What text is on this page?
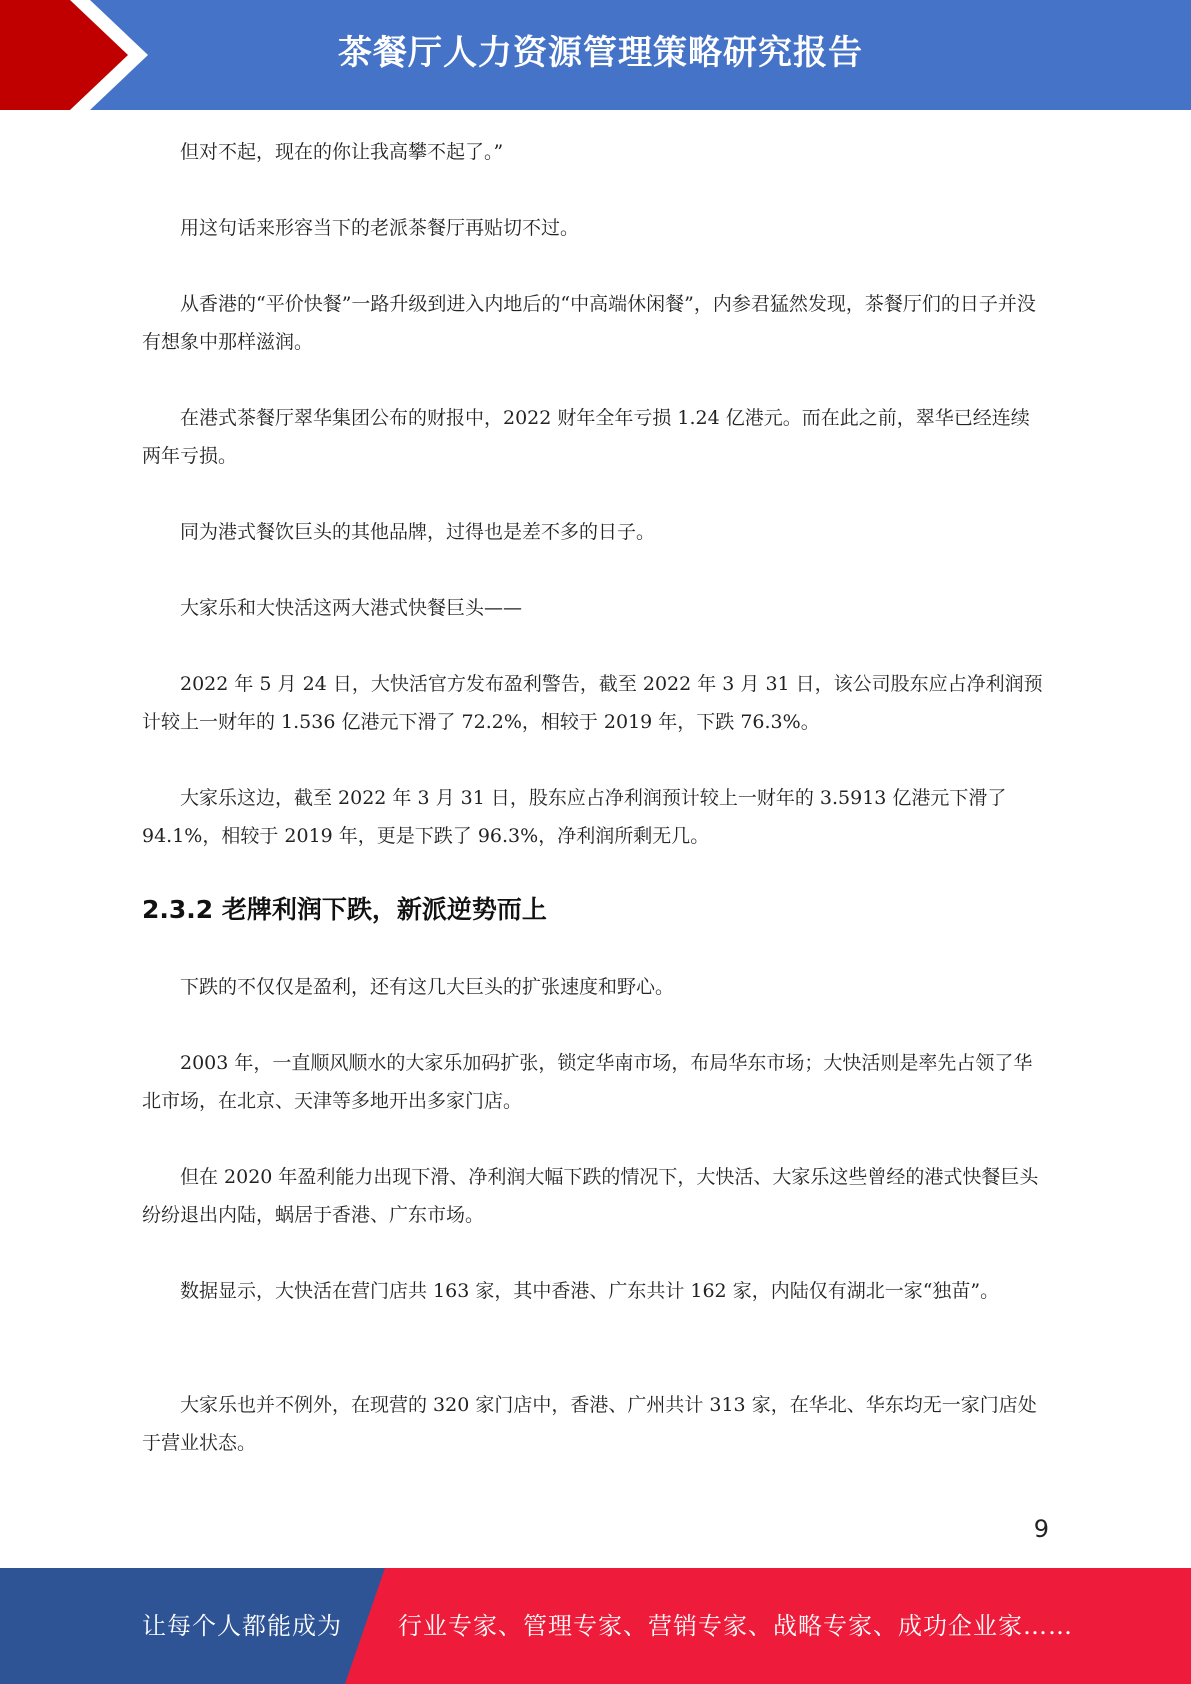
茶餐厅人力资源管理策略研究报告
但对不起，现在的你让我高攀不起了。”
用这句话来形容当下的老派茶餐厅再贴切不过。
从香港的“平价快餐”一路升级到进入内地后的“中高端休闲餐”，内参君猛然发现，茶餐厅们的日子并没有想象中那样滋润。
在港式茶餐厅翠华集团公布的财报中，2022 财年全年亏损 1.24 亿港元。而在此之前，翠华已经连续两年亏损。
同为港式餐饮巨头的其他品牌，过得也是差不多的日子。
大家乐和大快活这两大港式快餐巨头——
2022 年 5 月 24 日，大快活官方发布盈利警告，截至 2022 年 3 月 31 日，该公司股东应占净利润预计较上一财年的 1.536 亿港元下滑了 72.2%，相较于 2019 年，下跌 76.3%。
大家乐这边，截至 2022 年 3 月 31 日，股东应占净利润预计较上一财年的 3.5913 亿港元下滑了 94.1%，相较于 2019 年，更是下跌了 96.3%，净利润所剩无几。
2.3.2 老牌利润下跌，新派逆势而上
下跌的不仅仅是盈利，还有这几大巨头的扩张速度和野心。
2003 年，一直顺风顺水的大家乐加码扩张，锁定华南市场，布局华东市场；大快活则是率先占领了华北市场，在北京、天津等多地开出多家门店。
但在 2020 年盈利能力出现下滑、净利润大幅下跌的情况下，大快活、大家乐这些曾经的港式快餐巨头纷纷退出内陆，蜗居于香港、广东市场。
数据显示，大快活在营门店共 163 家，其中香港、广东共计 162 家，内陆仅有湖北一家“独苗”。
大家乐也并不例外，在现营的 320 家门店中，香港、广州共计 313 家，在华北、华东均无一家门店处于营业状态。
9
让每个人都能成为 行业专家、管理专家、营销专家、战略专家、成功企业家……
